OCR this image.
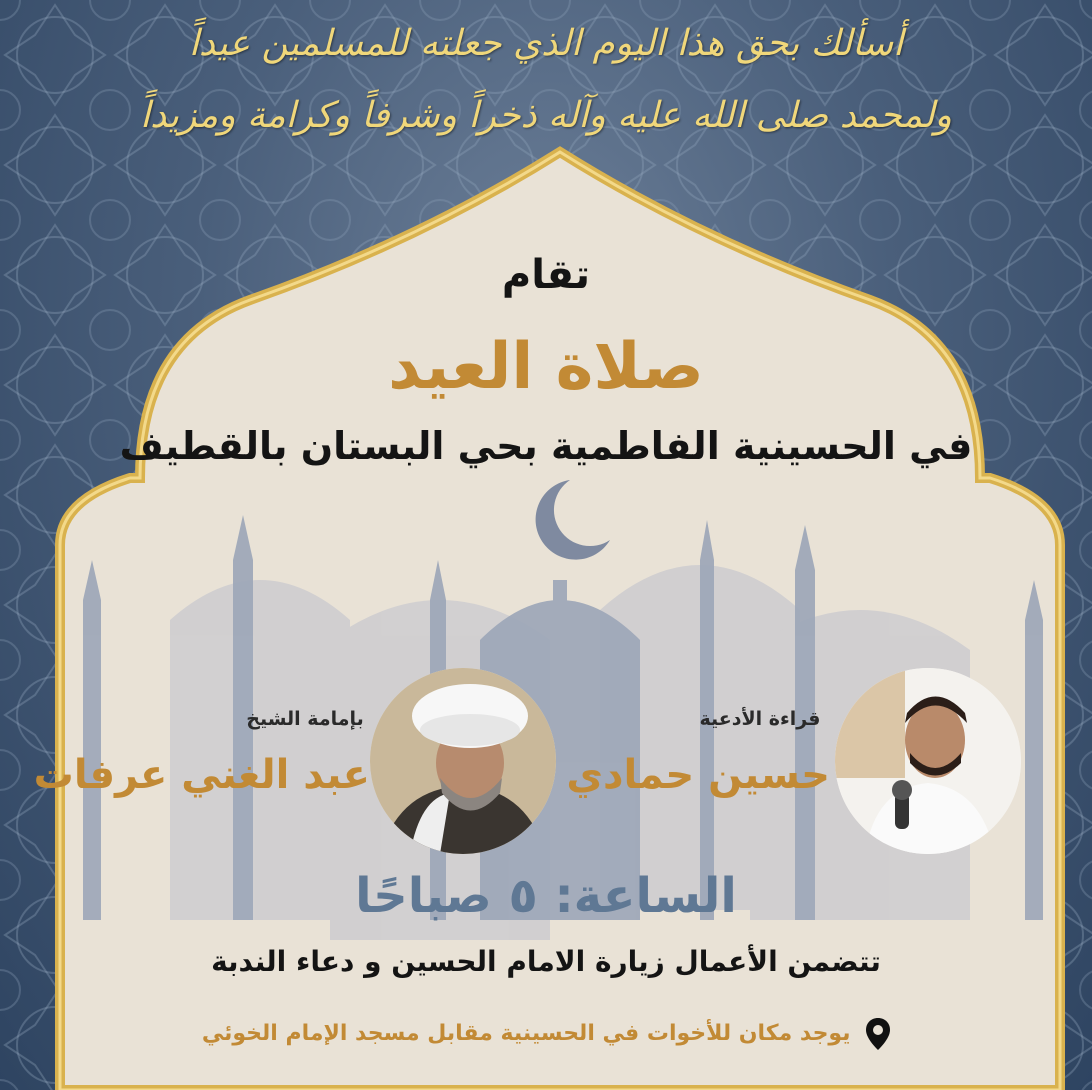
أسألك بحق هذا اليوم الذي جعلته للمسلمين عيداً
ولمحمد صلى الله عليه وآله ذخراً وشرفاً وكرامة ومزيداً

تقام

صلاة العيد

في الحسينية الفاطمية بحي البستان بالقطيف

قراءة الأدعية

حسين حمادي

بإمامة الشيخ

عبد الغني عرفات

الساعة: ٥ صباحًا

تتضمن الأعمال زيارة الامام الحسين و دعاء الندبة

يوجد مكان للأخوات في الحسينية مقابل مسجد الإمام الخوئي
